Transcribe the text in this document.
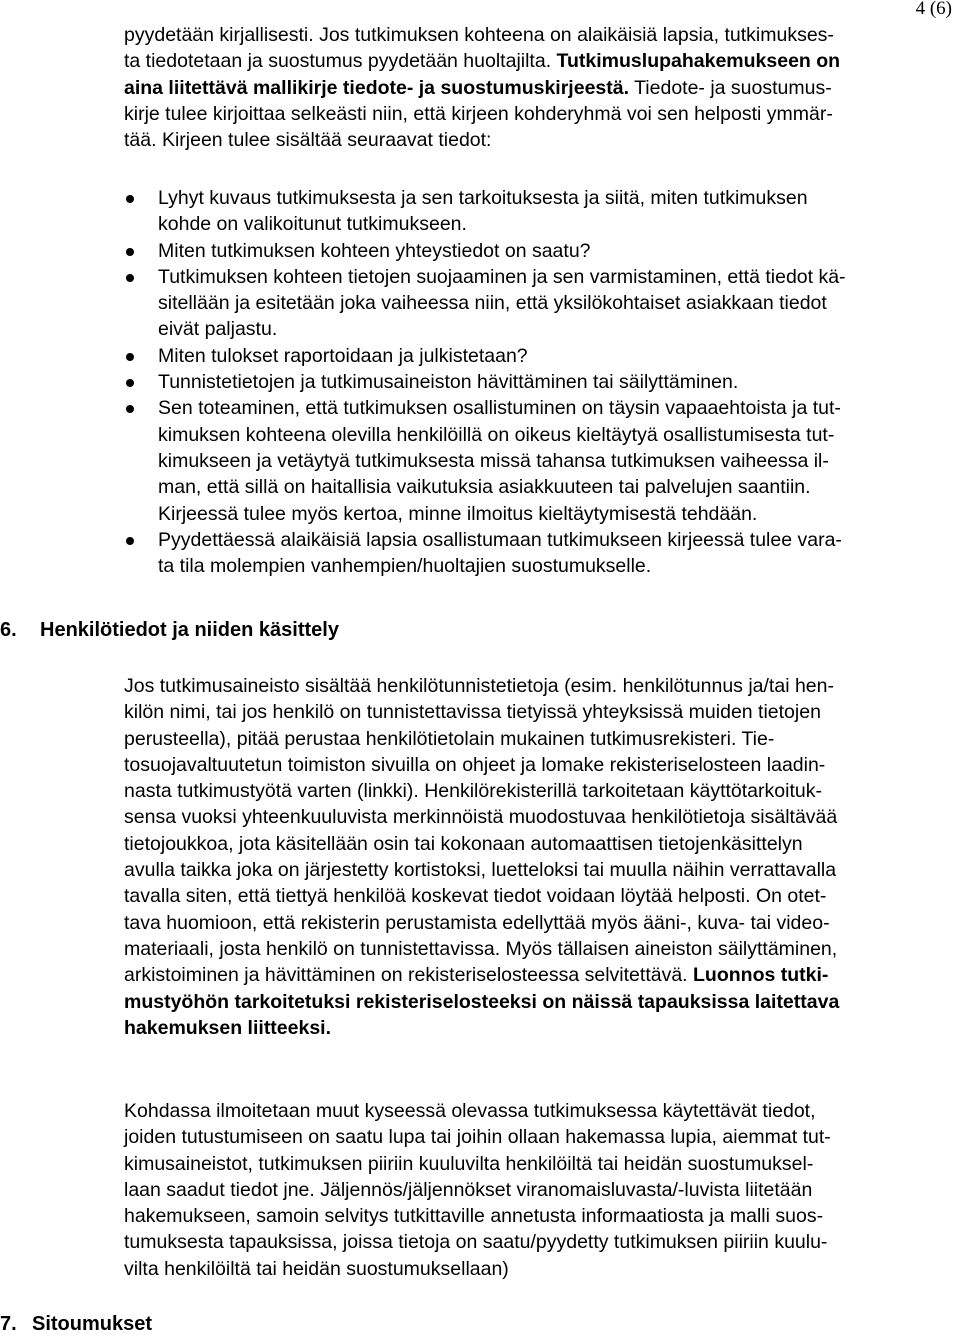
4 (6)
pyydetään kirjallisesti. Jos tutkimuksen kohteena on alaikäisiä lapsia, tutkimukses-
ta tiedotetaan ja suostumus pyydetään huoltajilta. Tutkimuslupahakemukseen on
aina liitettävä mallikirje tiedote- ja suostumuskirjeestä. Tiedote- ja suostumus-
kirje tulee kirjoittaa selkeästi niin, että kirjeen kohderyhmä voi sen helposti ymmär-
tää. Kirjeen tulee sisältää seuraavat tiedot:
Lyhyt kuvaus tutkimuksesta ja sen tarkoituksesta ja siitä, miten tutkimuksen
kohde on valikoitunut tutkimukseen.
Miten tutkimuksen kohteen yhteystiedot on saatu?
Tutkimuksen kohteen tietojen suojaaminen ja sen varmistaminen, että tiedot kä-
sitellään ja esitetään joka vaiheessa niin, että yksilökohtaiset asiakkaan tiedot
eivät paljastu.
Miten tulokset raportoidaan ja julkistetaan?
Tunnistetietojen ja tutkimusaineiston hävittäminen tai säilyttäminen.
Sen toteaminen, että tutkimuksen osallistuminen on täysin vapaaehtoista ja tut-
kimuksen kohteena olevilla henkilöillä on oikeus kieltäytyä osallistumisesta tut-
kimukseen ja vetäytyä tutkimuksesta missä tahansa tutkimuksen vaiheessa il-
man, että sillä on haitallisia vaikutuksia asiakkuuteen tai palvelujen saantiin.
Kirjeessä tulee myös kertoa, minne ilmoitus kieltäytymisestä tehdään.
Pyydettäessä alaikäisiä lapsia osallistumaan tutkimukseen kirjeessä tulee vara-
ta tila molempien vanhempien/huoltajien suostumukselle.
6. Henkilötiedot ja niiden käsittely
Jos tutkimusaineisto sisältää henkilötunnistetietoja (esim. henkilötunnus ja/tai hen-
kilön nimi, tai jos henkilö on tunnistettavissa tietyissä yhteyksissä muiden tietojen
perusteella), pitää perustaa henkilötietolain mukainen tutkimusrekisteri. Tie-
tosuojavaltuutetun toimiston sivuilla on ohjeet ja lomake rekisteriselosteen laadin-
nasta tutkimustyötä varten (linkki). Henkilörekisterillä tarkoitetaan käyttötarkoituk-
sensa vuoksi yhteenkuuluvista merkinnöistä muodostuvaa henkilötietoja sisältävää
tietojoukkoa, jota käsitellään osin tai kokonaan automaattisen tietojenkäsittelyn
avulla taikka joka on järjestetty kortistoksi, luetteloksi tai muulla näihin verrattavalla
tavalla siten, että tiettyä henkilöä koskevat tiedot voidaan löytää helposti. On otet-
tava huomioon, että rekisterin perustamista edellyttää myös ääni-, kuva- tai video-
materiaali, josta henkilö on tunnistettavissa. Myös tällaisen aineiston säilyttäminen,
arkistoiminen ja hävittäminen on rekisteriselosteessa selvitettävä. Luonnos tutki-
mustyöhön tarkoitetuksi rekisteriselosteeksi on näissä tapauksissa laitettava
hakemuksen liitteeksi.
Kohdassa ilmoitetaan muut kyseessä olevassa tutkimuksessa käytettävät tiedot,
joiden tutustumiseen on saatu lupa tai joihin ollaan hakemassa lupia, aiemmat tut-
kimusaineistot, tutkimuksen piiriin kuuluvilta henkilöiltä tai heidän suostumuksel-
laan saadut tiedot jne. Jäljennös/jäljennökset viranomaisluvasta/-luvista liitetään
hakemukseen, samoin selvitys tutkittaville annetusta informaatiosta ja malli suos-
tumuksesta tapauksissa, joissa tietoja on saatu/pyydetty tutkimuksen piiriin kuulu-
vilta henkilöiltä tai heidän suostumuksellaan)
7. Sitoumukset
